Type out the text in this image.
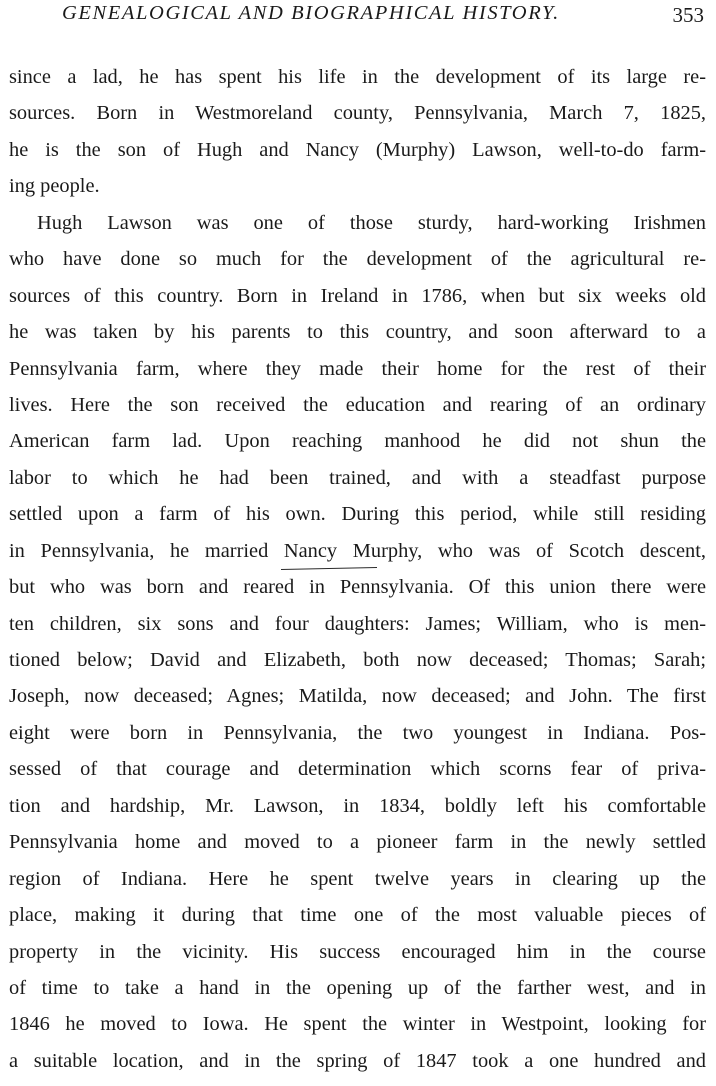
GENEALOGICAL AND BIOGRAPHICAL HISTORY.	353
since a lad, he has spent his life in the development of its large re-
sources. Born in Westmoreland county, Pennsylvania, March 7, 1825,
he is the son of Hugh and Nancy (Murphy) Lawson, well-to-do farm-
ing people.
Hugh Lawson was one of those sturdy, hard-working Irishmen
who have done so much for the development of the agricultural re-
sources of this country. Born in Ireland in 1786, when but six weeks old
he was taken by his parents to this country, and soon afterward to a
Pennsylvania farm, where they made their home for the rest of their
lives. Here the son received the education and rearing of an ordinary
American farm lad. Upon reaching manhood he did not shun the
labor to which he had been trained, and with a steadfast purpose
settled upon a farm of his own. During this period, while still residing
in Pennsylvania, he married Nancy Murphy, who was of Scotch descent,
but who was born and reared in Pennsylvania. Of this union there were
ten children, six sons and four daughters: James; William, who is men-
tioned below; David and Elizabeth, both now deceased; Thomas; Sarah;
Joseph, now deceased; Agnes; Matilda, now deceased; and John. The first
eight were born in Pennsylvania, the two youngest in Indiana. Pos-
sessed of that courage and determination which scorns fear of priva-
tion and hardship, Mr. Lawson, in 1834, boldly left his comfortable
Pennsylvania home and moved to a pioneer farm in the newly settled
region of Indiana. Here he spent twelve years in clearing up the
place, making it during that time one of the most valuable pieces of
property in the vicinity. His success encouraged him in the course
of time to take a hand in the opening up of the farther west, and in
1846 he moved to Iowa. He spent the winter in Westpoint, looking for
a suitable location, and in the spring of 1847 took a one hundred and
